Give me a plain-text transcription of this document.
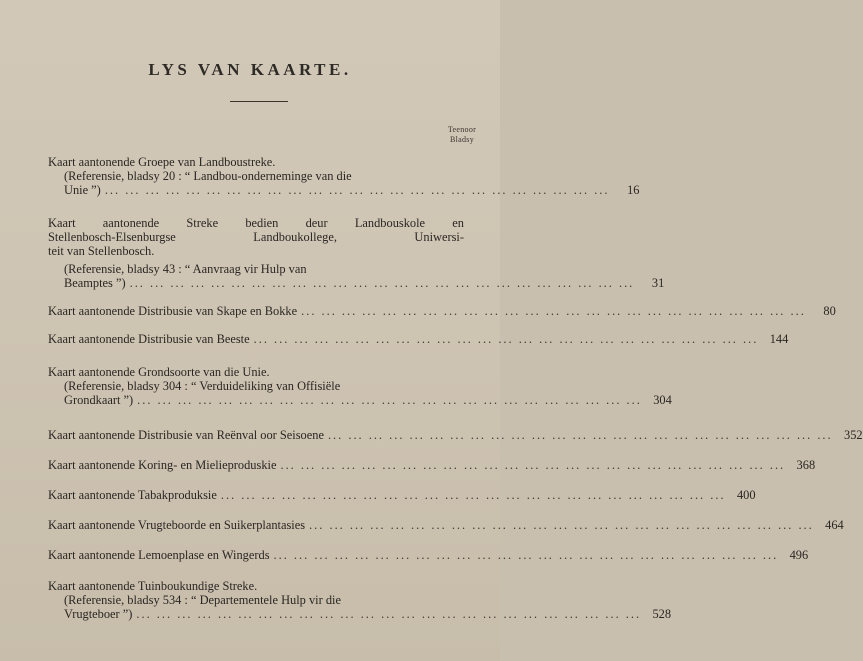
LYS VAN KAARTE.
Teenoor
Bladsy
Kaart aantonende Groepe van Landboustreke.
(Referensie, bladsy 20 : “ Landbou-onderneminge van die
Unie ”) ... ... ... ... ... ... ... ... ... ... ... ... ... ... ... ... ... ... ... ... ... ... ... ... ...	16
Kaart aantonende Streke bedien deur Landbouskole en
Stellenbosch-Elsenburgse Landboukollege, Uniwersi-
teit van Stellenbosch.
(Referensie, bladsy 43 : “ Aanvraag vir Hulp van
Beamptes ”) ... ... ... ... ... ... ... ... ... ... ... ... ... ... ... ... ... ... ... ... ... ... ... ... ...	31
Kaart aantonende Distribusie van Skape en Bokke ... ... ... ... ... ... ... ... ... ... ... ... ... ... ... ... ... ... ... ... ... ... ... ... ...	80
Kaart aantonende Distribusie van Beeste ... ... ... ... ... ... ... ... ... ... ... ... ... ... ... ... ... ... ... ... ... ... ... ... ... 144
Kaart aantonende Grondsoorte van die Unie.
(Referensie, bladsy 304 : “ Verduideliking van Offisiële
Grondkaart ”) ... ... ... ... ... ... ... ... ... ... ... ... ... ... ... ... ... ... ... ... ... ... ... ... ... 304
Kaart aantonende Distribusie van Reënval oor Seisoene ... ... ... ... ... ... ... ... ... ... ... ... ... ... ... ... ... ... ... ... ... ... ... ... ... 352
Kaart aantonende Koring- en Mielieproduskie ... ... ... ... ... ... ... ... ... ... ... ... ... ... ... ... ... ... ... ... ... ... ... ... ... 368
Kaart aantonende Tabakproduksie ... ... ... ... ... ... ... ... ... ... ... ... ... ... ... ... ... ... ... ... ... ... ... ... ... 400
Kaart aantonende Vrugteboorde en Suikerplantasies ... ... ... ... ... ... ... ... ... ... ... ... ... ... ... ... ... ... ... ... ... ... ... ... ... 464
Kaart aantonende Lemoenplase en Wingerds ... ... ... ... ... ... ... ... ... ... ... ... ... ... ... ... ... ... ... ... ... ... ... ... ... 496
Kaart aantonende Tuinboukundige Streke.
(Referensie, bladsy 534 : “ Departementele Hulp vir die
Vrugteboer ”) ... ... ... ... ... ... ... ... ... ... ... ... ... ... ... ... ... ... ... ... ... ... ... ... ... 528
